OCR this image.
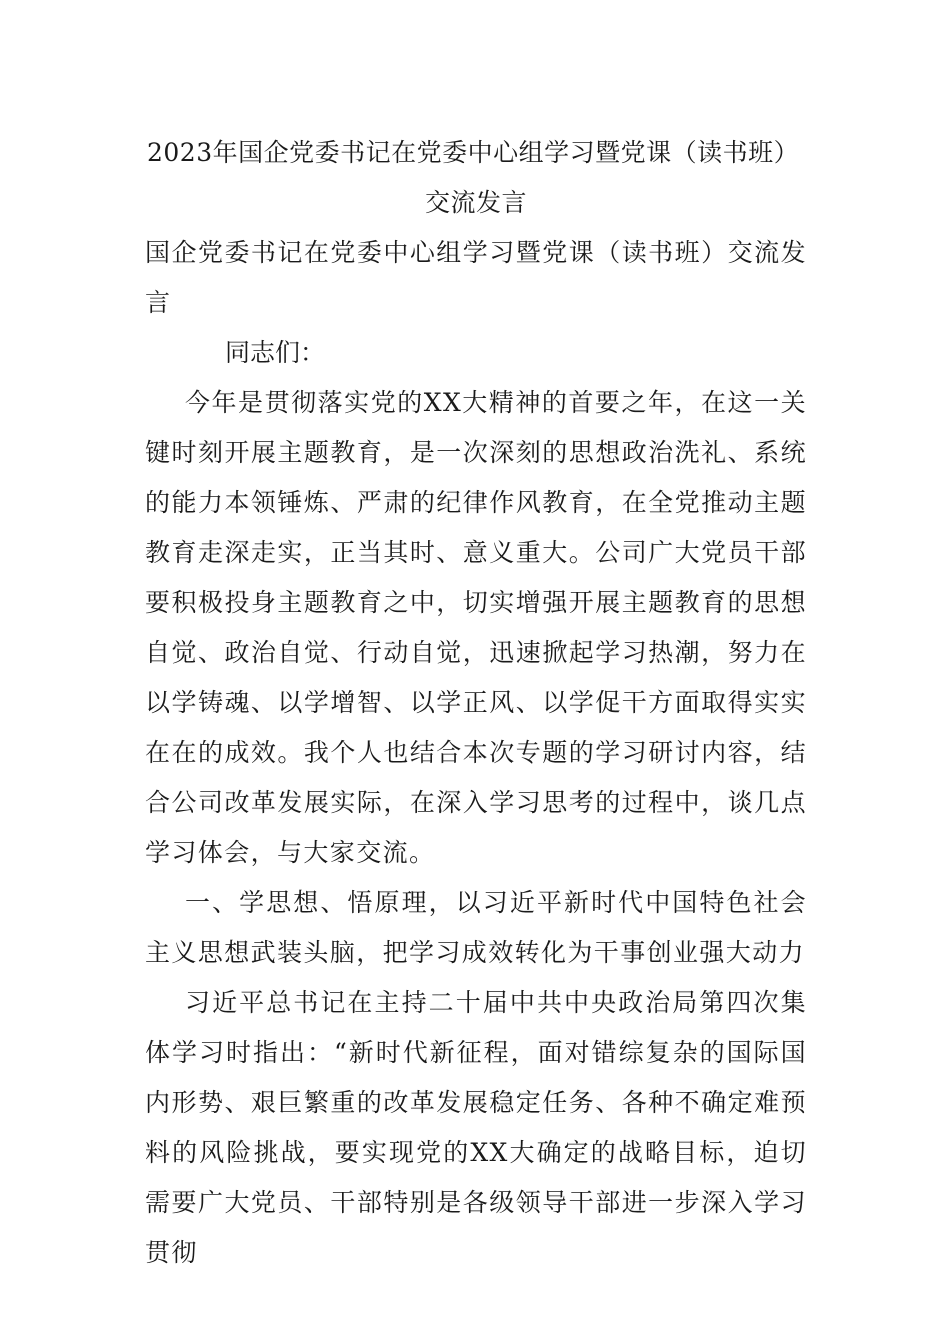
2023年国企党委书记在党委中心组学习暨党课（读书班）
交流发言
国企党委书记在党委中心组学习暨党课（读书班）交流发言
同志们：
今年是贯彻落实党的XX大精神的首要之年，在这一关键时刻开展主题教育，是一次深刻的思想政治洗礼、系统的能力本领锤炼、严肃的纪律作风教育，在全党推动主题教育走深走实，正当其时、意义重大。公司广大党员干部要积极投身主题教育之中，切实增强开展主题教育的思想自觉、政治自觉、行动自觉，迅速掀起学习热潮，努力在以学铸魂、以学增智、以学正风、以学促干方面取得实实在在的成效。我个人也结合本次专题的学习研讨内容，结合公司改革发展实际，在深入学习思考的过程中，谈几点学习体会，与大家交流。
一、学思想、悟原理，以习近平新时代中国特色社会主义思想武装头脑，把学习成效转化为干事创业强大动力
习近平总书记在主持二十届中共中央政治局第四次集体学习时指出：“新时代新征程，面对错综复杂的国际国内形势、艰巨繁重的改革发展稳定任务、各种不确定难预料的风险挑战，要实现党的XX大确定的战略目标，迫切需要广大党员、干部特别是各级领导干部进一步深入学习贯彻
